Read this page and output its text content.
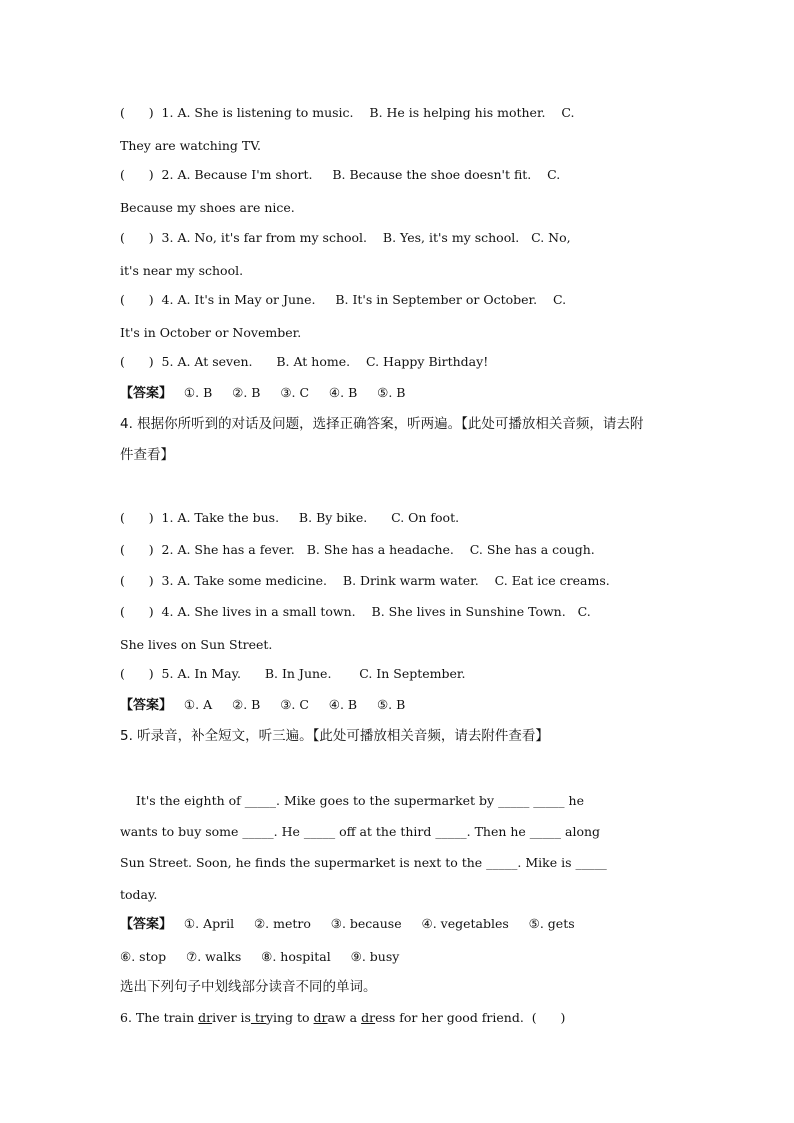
(      )  1. A. She is listening to music.    B. He is helping his mother.    C.
They are watching TV.
(      )  2. A. Because I'm short.     B. Because the shoe doesn't fit.    C.
Because my shoes are nice.
(      )  3. A. No, it's far from my school.    B. Yes, it's my school.   C. No,
it's near my school.
(      )  4. A. It's in May or June.     B. It's in September or October.    C.
It's in October or November.
(      )  5. A. At seven.      B. At home.    C. Happy Birthday!
【答案】   ①. B     ②. B     ③. C     ④. B     ⑤. B
4. 根据你所听到的对话及问题，选择正确答案，听两遍。【此处可播放相关音频，请去附
件查看】
(      )  1. A. Take the bus.     B. By bike.      C. On foot.
(      )  2. A. She has a fever.   B. She has a headache.    C. She has a cough.
(      )  3. A. Take some medicine.    B. Drink warm water.    C. Eat ice creams.
(      )  4. A. She lives in a small town.    B. She lives in Sunshine Town.   C.
She lives on Sun Street.
(      )  5. A. In May.      B. In June.       C. In September.
【答案】   ①. A     ②. B     ③. C     ④. B     ⑤. B
5. 听录音，补全短文，听三遍。【此处可播放相关音频，请去附件查看】
It's the eighth of _____. Mike goes to the supermarket by _____ _____ he
wants to buy some _____. He _____ off at the third _____. Then he _____ along
Sun Street. Soon, he finds the supermarket is next to the _____. Mike is _____
today.
【答案】   ①. April     ②. metro     ③. because     ④. vegetables     ⑤. gets
⑥. stop     ⑦. walks     ⑧. hospital     ⑨. busy
选出下列句子中划线部分读音不同的单词。
6. The train driver is trying to draw a dress for her good friend.  (      )
